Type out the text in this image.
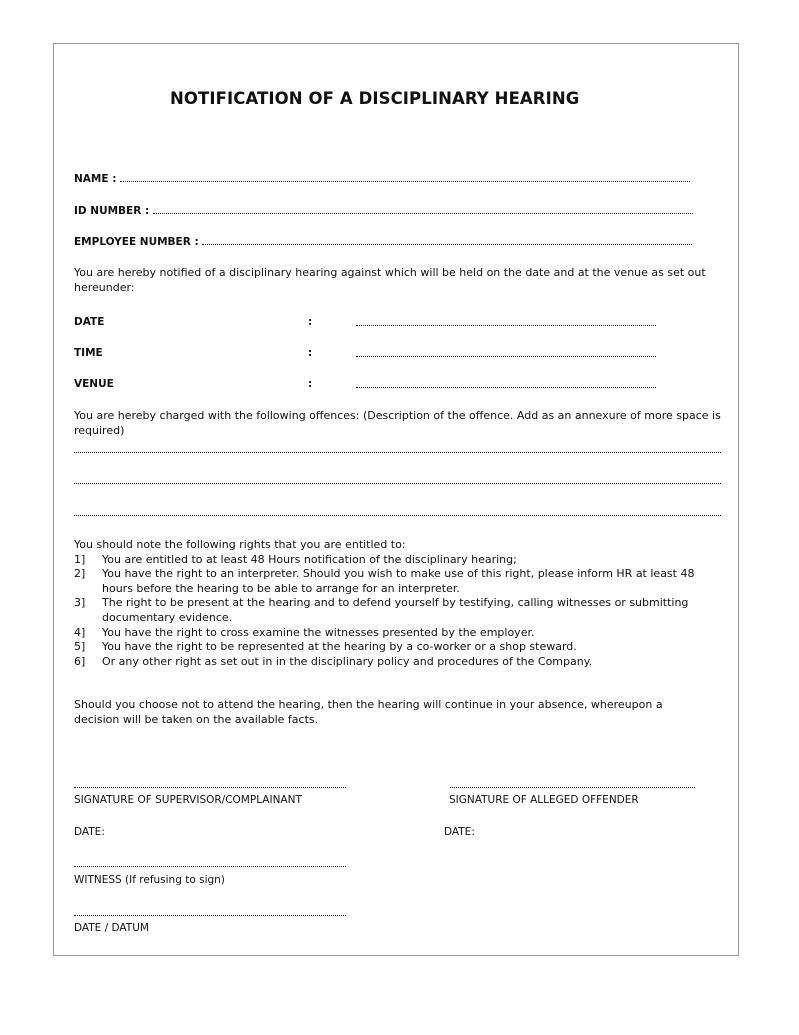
NOTIFICATION OF A DISCIPLINARY HEARING
NAME :
ID NUMBER :
EMPLOYEE NUMBER :
You are hereby notified of a disciplinary hearing against which will be held on the date and at the venue as set out hereunder:
DATE	:
TIME	:
VENUE	:
You are hereby charged with the following offences: (Description of the offence. Add as an annexure of more space is required)
You should note the following rights that you are entitled to:
1] You are entitled to at least 48 Hours notification of the disciplinary hearing;
2] You have the right to an interpreter. Should you wish to make use of this right, please inform HR at least 48 hours before the hearing to be able to arrange for an interpreter.
3] The right to be present at the hearing and to defend yourself by testifying, calling witnesses or submitting documentary evidence.
4] You have the right to cross examine the witnesses presented by the employer.
5] You have the right to be represented at the hearing by a co-worker or a shop steward.
6] Or any other right as set out in in the disciplinary policy and procedures of the Company.
Should you choose not to attend the hearing, then the hearing will continue in your absence, whereupon a decision will be taken on the available facts.
SIGNATURE OF SUPERVISOR/COMPLAINANT	SIGNATURE OF ALLEGED OFFENDER
DATE:	DATE:
WITNESS (If refusing to sign)
DATE / DATUM
